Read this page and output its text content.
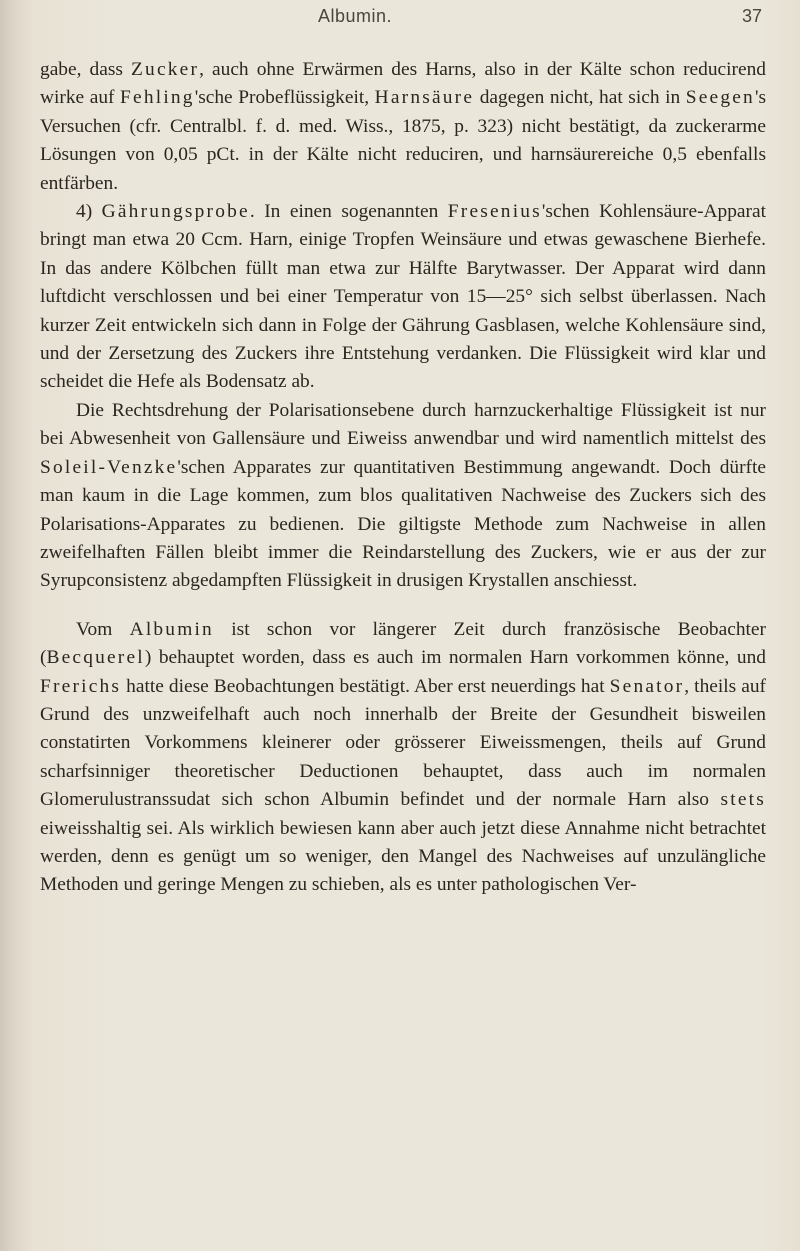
Albumin.	37

gabe, dass Zucker, auch ohne Erwärmen des Harns, also in der Kälte schon reducirend wirke auf Fehling'sche Probeflüssigkeit, Harnsäure dagegen nicht, hat sich in Seegen's Versuchen (cfr. Centralbl. f. d. med. Wiss., 1875, p. 323) nicht bestätigt, da zuckerarme Lösungen von 0,05 pCt. in der Kälte nicht reduciren, und harnsäurereiche 0,5 ebenfalls entfärben.

4) Gährungsprobe. In einen sogenannten Fresenius'schen Kohlensäure-Apparat bringt man etwa 20 Ccm. Harn, einige Tropfen Weinsäure und etwas gewaschene Bierhefe. In das andere Kölbchen füllt man etwa zur Hälfte Barytwasser. Der Apparat wird dann luftdicht verschlossen und bei einer Temperatur von 15—25° sich selbst überlassen. Nach kurzer Zeit entwickeln sich dann in Folge der Gährung Gasblasen, welche Kohlensäure sind, und der Zersetzung des Zuckers ihre Entstehung verdanken. Die Flüssigkeit wird klar und scheidet die Hefe als Bodensatz ab.

Die Rechtsdrehung der Polarisationsebene durch harnzuckerhaltige Flüssigkeit ist nur bei Abwesenheit von Gallensäure und Eiweiss anwendbar und wird namentlich mittelst des Soleil-Venzke'schen Apparates zur quantitativen Bestimmung angewandt. Doch dürfte man kaum in die Lage kommen, zum blos qualitativen Nachweise des Zuckers sich des Polarisations-Apparates zu bedienen. Die giltigste Methode zum Nachweise in allen zweifelhaften Fällen bleibt immer die Reindarstellung des Zuckers, wie er aus der zur Syrupconsistenz abgedampften Flüssigkeit in drusigen Krystallen anschiesst.

Vom Albumin ist schon vor längerer Zeit durch französische Beobachter (Becquerel) behauptet worden, dass es auch im normalen Harn vorkommen könne, und Frerichs hatte diese Beobachtungen bestätigt. Aber erst neuerdings hat Senator, theils auf Grund des unzweifelhaft auch noch innerhalb der Breite der Gesundheit bisweilen constatirten Vorkommens kleinerer oder grösserer Eiweissmengen, theils auf Grund scharfsinniger theoretischer Deductionen behauptet, dass auch im normalen Glomerulustranssudat sich schon Albumin befindet und der normale Harn also stets eiweisshaltig sei. Als wirklich bewiesen kann aber auch jetzt diese Annahme nicht betrachtet werden, denn es genügt um so weniger, den Mangel des Nachweises auf unzulängliche Methoden und geringe Mengen zu schieben, als es unter pathologischen Ver-
